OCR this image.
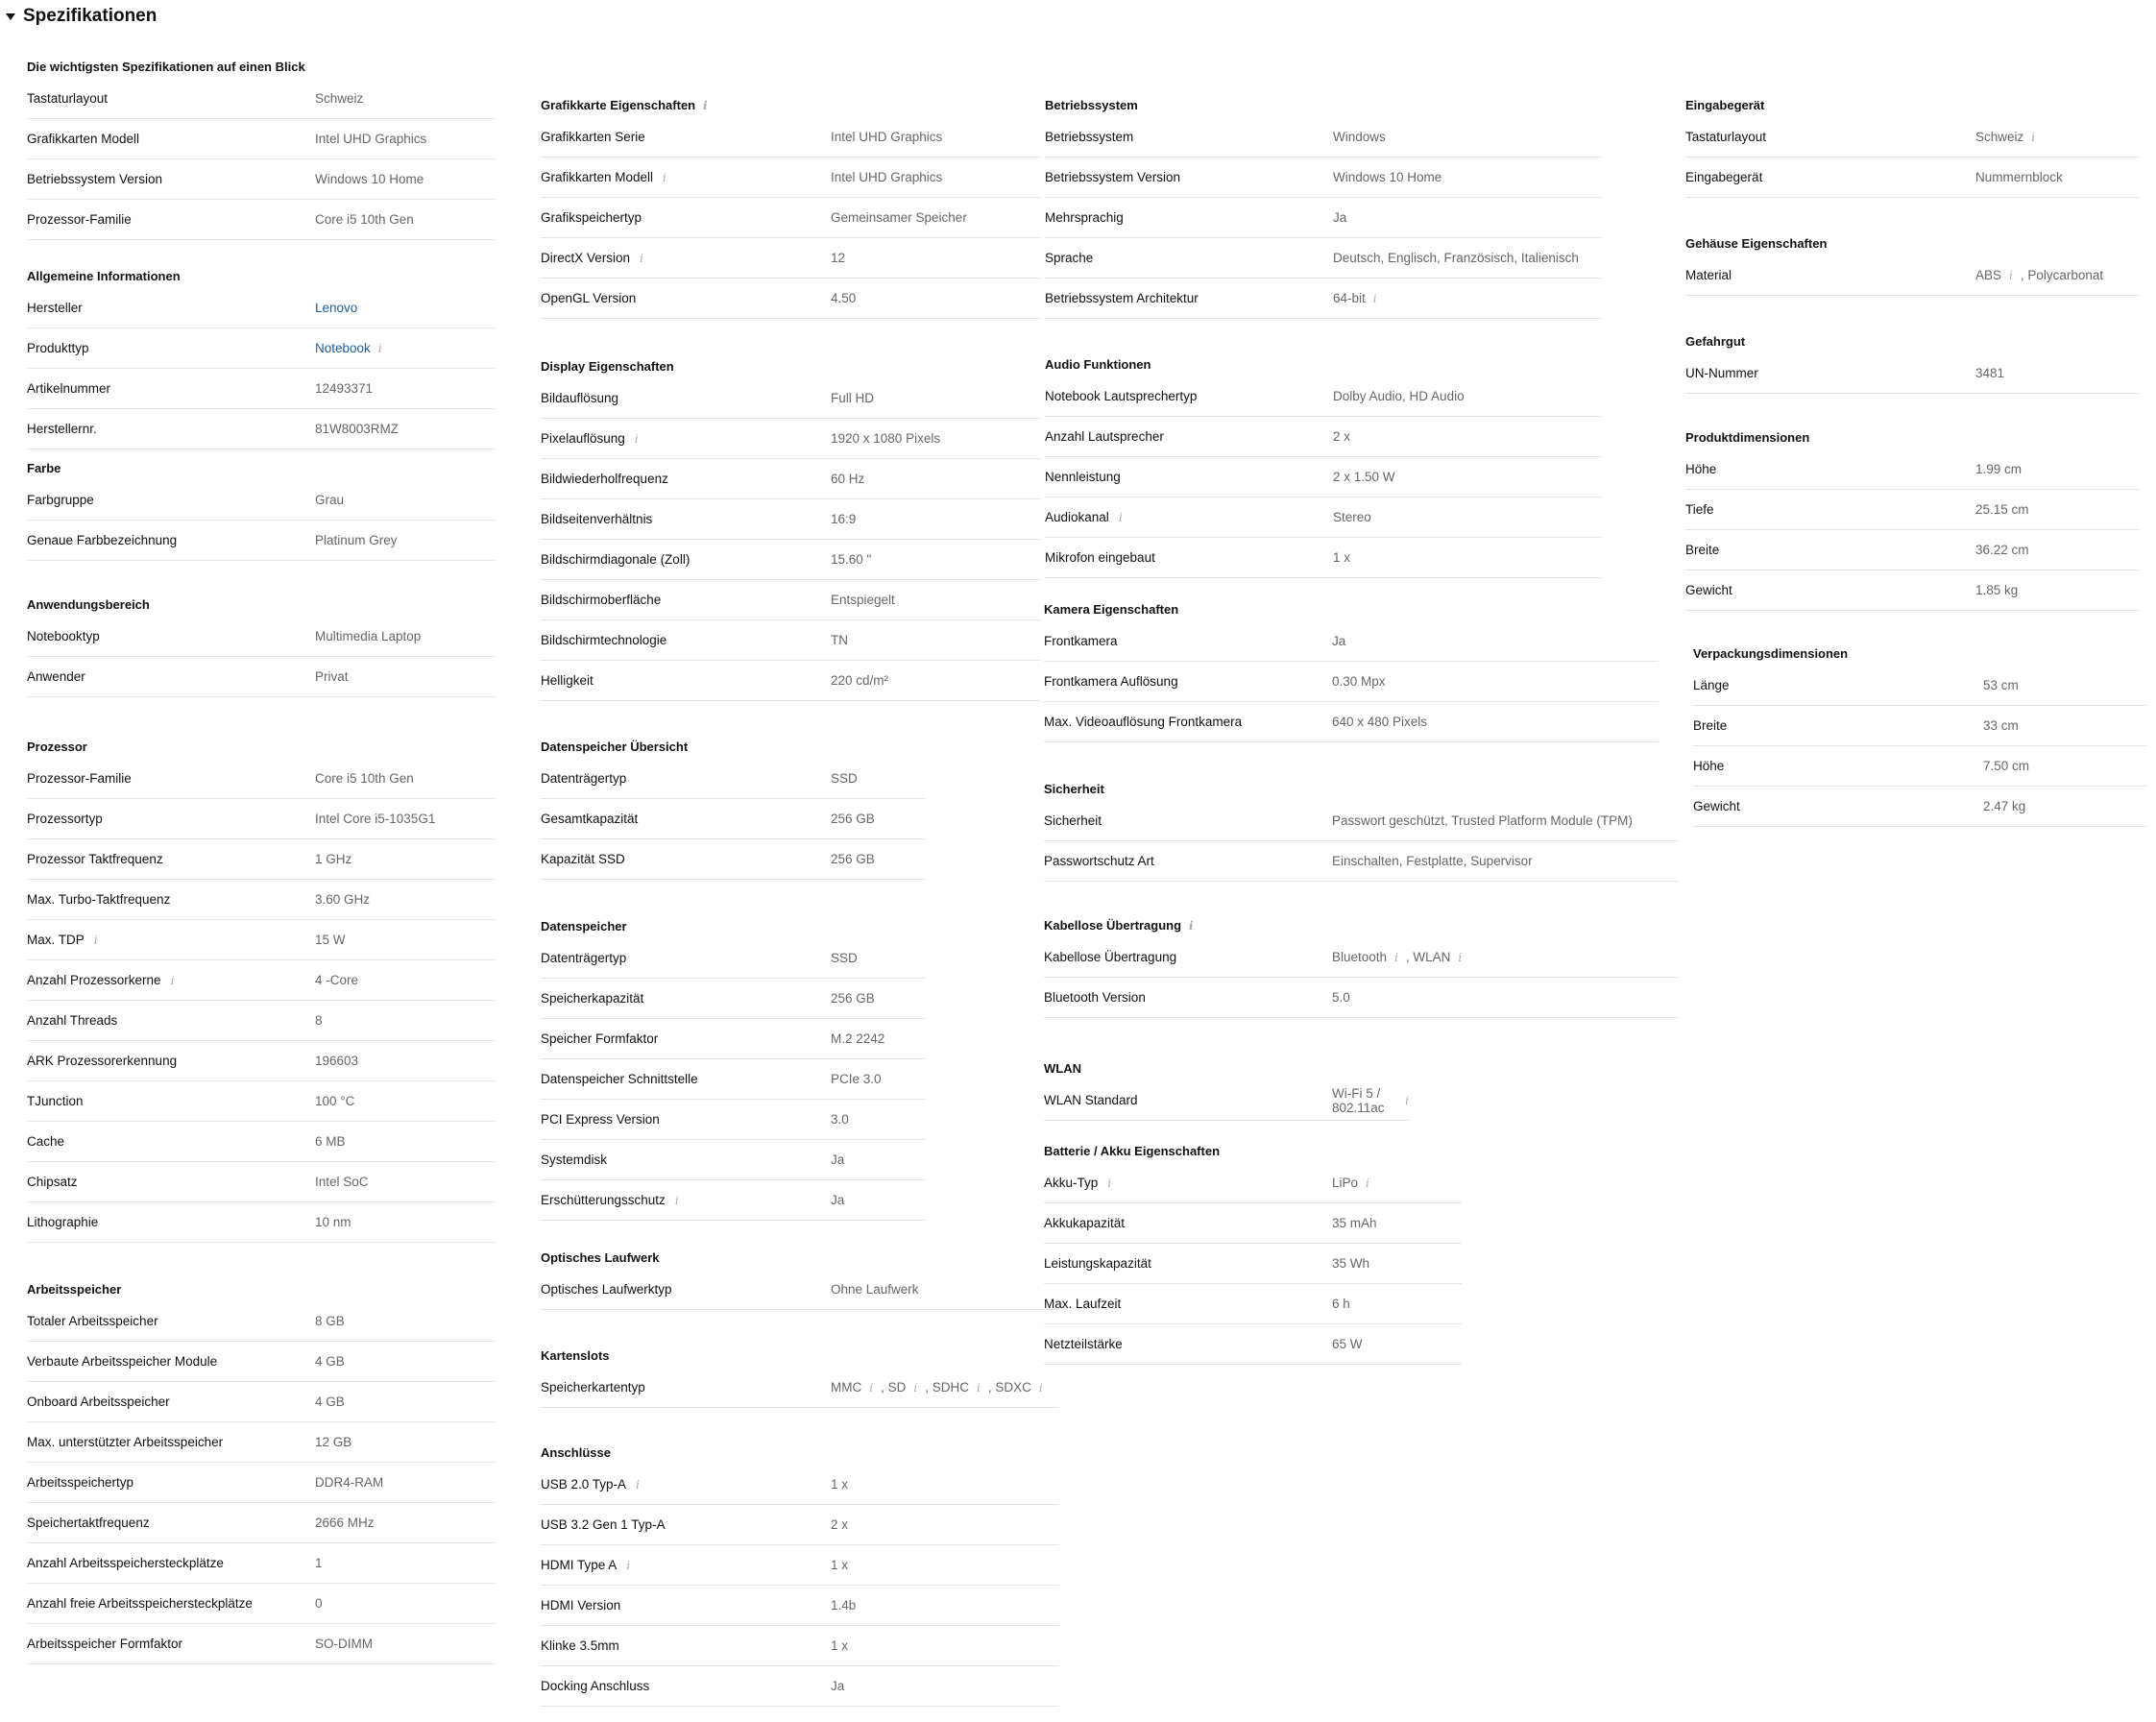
Spezifikationen
Die wichtigsten Spezifikationen auf einen Blick
Tastaturlayout	Schweiz
Grafikkarten Modell	Intel UHD Graphics
Betriebssystem Version	Windows 10 Home
Prozessor-Familie	Core i5 10th Gen
Allgemeine Informationen
Hersteller	Lenovo
Produkttyp	Notebook i
Artikelnummer	12493371
Herstellernr.	81W8003RMZ
Farbe
Farbgruppe	Grau
Genaue Farbbezeichnung	Platinum Grey
Anwendungsbereich
Notebooktyp	Multimedia Laptop
Anwender	Privat
Prozessor
Prozessor-Familie	Core i5 10th Gen
Prozessortyp	Intel Core i5-1035G1
Prozessor Taktfrequenz	1 GHz
Max. Turbo-Taktfrequenz	3.60 GHz
Max. TDP i	15 W
Anzahl Prozessorkerne i	4 -Core
Anzahl Threads	8
ARK Prozessorerkennung	196603
TJunction	100 °C
Cache	6 MB
Chipsatz	Intel SoC
Lithographie	10 nm
Arbeitsspeicher
Totaler Arbeitsspeicher	8 GB
Verbaute Arbeitsspeicher Module	4 GB
Onboard Arbeitsspeicher	4 GB
Max. unterstützter Arbeitsspeicher	12 GB
Arbeitsspeichertyp	DDR4-RAM
Speichertaktfrequenz	2666 MHz
Anzahl Arbeitsspeichersteckplätze	1
Anzahl freie Arbeitsspeichersteckplätze	0
Arbeitsspeicher Formfaktor	SO-DIMM
Grafikkarte Eigenschaften i
Grafikkarten Serie	Intel UHD Graphics
Grafikkarten Modell i	Intel UHD Graphics
Grafikspeichertyp	Gemeinsamer Speicher
DirectX Version i	12
OpenGL Version	4.50
Display Eigenschaften
Bildauflösung	Full HD
Pixelauflösung i	1920 x 1080 Pixels
Bildwiederholfrequenz	60 Hz
Bildseitenverhältnis	16:9
Bildschirmdiagonale (Zoll)	15.60 "
Bildschirmoberfläche	Entspiegelt
Bildschirmtechnologie	TN
Helligkeit	220 cd/m²
Datenspeicher Übersicht
Datenträgertyp	SSD
Gesamtkapazität	256 GB
Kapazität SSD	256 GB
Datenspeicher
Datenträgertyp	SSD
Speicherkapazität	256 GB
Speicher Formfaktor	M.2 2242
Datenspeicher Schnittstelle	PCIe 3.0
PCI Express Version	3.0
Systemdisk	Ja
Erschütterungsschutz i	Ja
Optisches Laufwerk
Optisches Laufwerktyp	Ohne Laufwerk
Kartenslots
Speicherkartentyp	MMC i , SD i , SDHC i , SDXC i
Anschlüsse
USB 2.0 Typ-A i	1 x
USB 3.2 Gen 1 Typ-A	2 x
HDMI Type A i	1 x
HDMI Version	1.4b
Klinke 3.5mm	1 x
Docking Anschluss	Ja
Betriebssystem
Betriebssystem	Windows
Betriebssystem Version	Windows 10 Home
Mehrsprachig	Ja
Sprache	Deutsch, Englisch, Französisch, Italienisch
Betriebssystem Architektur	64-bit i
Audio Funktionen
Notebook Lautsprechertyp	Dolby Audio, HD Audio
Anzahl Lautsprecher	2 x
Nennleistung	2 x 1.50 W
Audiokanal i	Stereo
Mikrofon eingebaut	1 x
Kamera Eigenschaften
Frontkamera	Ja
Frontkamera Auflösung	0.30 Mpx
Max. Videoauflösung Frontkamera	640 x 480 Pixels
Sicherheit
Sicherheit	Passwort geschützt, Trusted Platform Module (TPM)
Passwortschutz Art	Einschalten, Festplatte, Supervisor
Kabellose Übertragung i
Kabellose Übertragung	Bluetooth i , WLAN i
Bluetooth Version	5.0
WLAN
WLAN Standard	Wi-Fi 5 / 802.11ac	i
Batterie / Akku Eigenschaften
Akku-Typ i	LiPo i
Akkukapazität	35 mAh
Leistungskapazität	35 Wh
Max. Laufzeit	6 h
Netzteilstärke	65 W
Eingabegerät
Tastaturlayout	Schweiz i
Eingabegerät	Nummernblock
Gehäuse Eigenschaften
Material	ABS i , Polycarbonat
Gefahrgut
UN-Nummer	3481
Produktdimensionen
Höhe	1.99 cm
Tiefe	25.15 cm
Breite	36.22 cm
Gewicht	1.85 kg
Verpackungsdimensionen
Länge	53 cm
Breite	33 cm
Höhe	7.50 cm
Gewicht	2.47 kg
